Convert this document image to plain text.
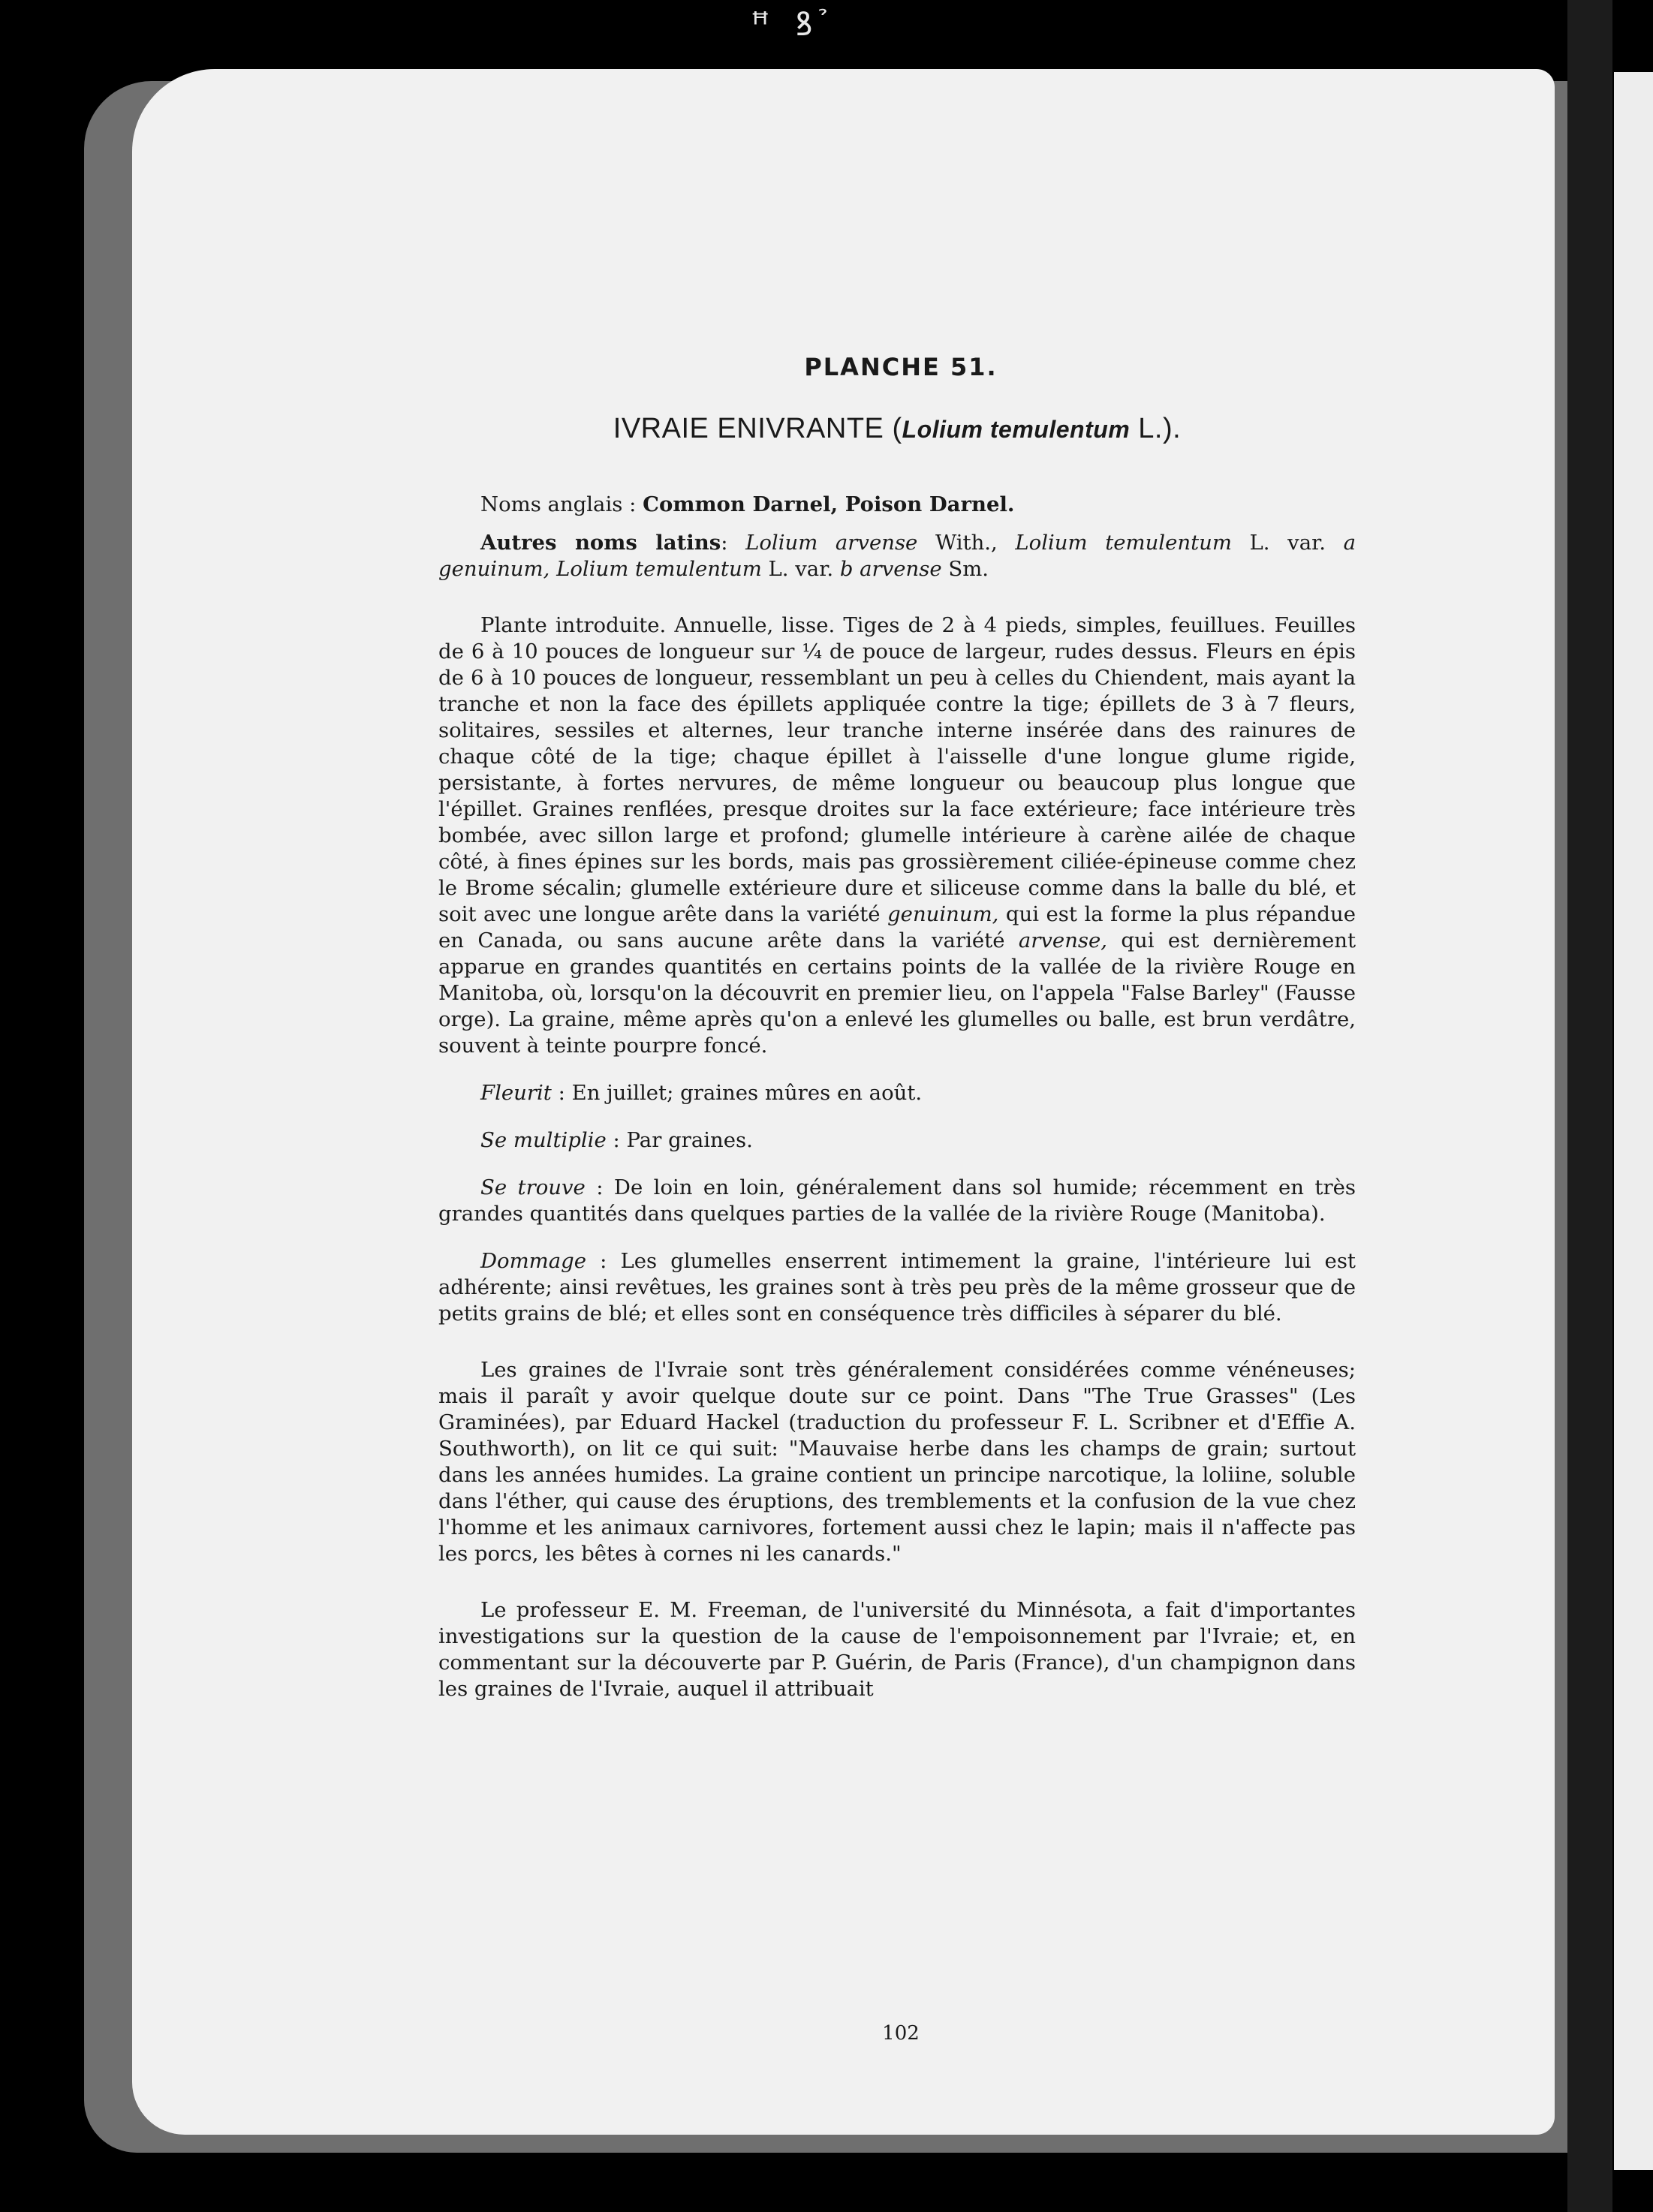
ꟸ ꝸ ̉
PLANCHE 51.
IVRAIE ENIVRANTE (Lolium temulentum L.).

Noms anglais : Common Darnel, Poison Darnel.

Autres noms latins: Lolium arvense With., Lolium temulentum L. var. a genuinum, Lolium temulentum L. var. b arvense Sm.

Plante introduite. Annuelle, lisse. Tiges de 2 à 4 pieds, simples, feuillues. Feuilles de 6 à 10 pouces de longueur sur ¼ de pouce de largeur, rudes dessus. Fleurs en épis de 6 à 10 pouces de longueur, ressemblant un peu à celles du Chiendent, mais ayant la tranche et non la face des épillets appliquée contre la tige; épillets de 3 à 7 fleurs, solitaires, sessiles et alternes, leur tranche interne insérée dans des rainures de chaque côté de la tige; chaque épillet à l'aisselle d'une longue glume rigide, persistante, à fortes nervures, de même longueur ou beaucoup plus longue que l'épillet. Graines renflées, presque droites sur la face extérieure; face intérieure très bombée, avec sillon large et profond; glumelle intérieure à carène ailée de chaque côté, à fines épines sur les bords, mais pas grossièrement ciliée-épineuse comme chez le Brome sécalin; glumelle extérieure dure et siliceuse comme dans la balle du blé, et soit avec une longue arête dans la variété genuinum, qui est la forme la plus répandue en Canada, ou sans aucune arête dans la variété arvense, qui est dernièrement apparue en grandes quantités en certains points de la vallée de la rivière Rouge en Manitoba, où, lorsqu'on la découvrit en premier lieu, on l'appela "False Barley" (Fausse orge). La graine, même après qu'on a enlevé les glumelles ou balle, est brun verdâtre, souvent à teinte pourpre foncé.

Fleurit : En juillet; graines mûres en août.

Se multiplie : Par graines.

Se trouve : De loin en loin, généralement dans sol humide; récemment en très grandes quantités dans quelques parties de la vallée de la rivière Rouge (Manitoba).

Dommage : Les glumelles enserrent intimement la graine, l'intérieure lui est adhérente; ainsi revêtues, les graines sont à très peu près de la même grosseur que de petits grains de blé; et elles sont en conséquence très difficiles à séparer du blé.

Les graines de l'Ivraie sont très généralement considérées comme vénéneuses; mais il paraît y avoir quelque doute sur ce point. Dans "The True Grasses" (Les Graminées), par Eduard Hackel (traduction du professeur F. L. Scribner et d'Effie A. Southworth), on lit ce qui suit: "Mauvaise herbe dans les champs de grain; surtout dans les années humides. La graine contient un principe narcotique, la loliine, soluble dans l'éther, qui cause des éruptions, des tremblements et la confusion de la vue chez l'homme et les animaux carnivores, fortement aussi chez le lapin; mais il n'affecte pas les porcs, les bêtes à cornes ni les canards."

Le professeur E. M. Freeman, de l'université du Minnésota, a fait d'importantes investigations sur la question de la cause de l'empoisonnement par l'Ivraie; et, en commentant sur la découverte par P. Guérin, de Paris (France), d'un champignon dans les graines de l'Ivraie, auquel il attribuait

102
